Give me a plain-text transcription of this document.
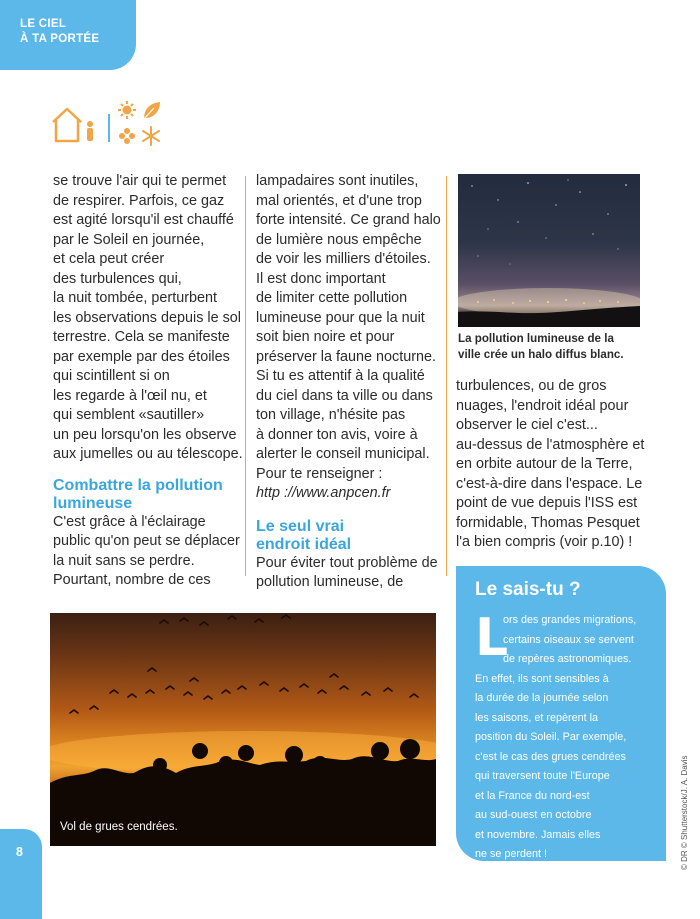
LE CIEL
À TA PORTÉE

se trouve l'air qui te permet

de respirer. Parfois, ce gaz

est agité lorsqu'il est chauffé

par le Soleil en journée,

et cela peut créer

des turbulences qui,

la nuit tombée, perturbent

les observations depuis le sol

terrestre. Cela se manifeste

par exemple par des étoiles

qui scintillent si on

les regarde à l'œil nu, et

qui semblent «sautiller»

un peu lorsqu'on les observe

aux jumelles ou au télescope.

Combattre la pollution

lumineuse

C'est grâce à l'éclairage

public qu'on peut se déplacer

la nuit sans se perdre.

Pourtant, nombre de ces

lampadaires sont inutiles,

mal orientés, et d'une trop

forte intensité. Ce grand halo

de lumière nous empêche

de voir les milliers d'étoiles.

Il est donc important

de limiter cette pollution

lumineuse pour que la nuit

soit bien noire et pour

préserver la faune nocturne.

Si tu es attentif à la qualité

du ciel dans ta ville ou dans

ton village, n'hésite pas

à donner ton avis, voire à

alerter le conseil municipal.

Pour te renseigner :

http ://www.anpcen.fr

Le seul vrai

endroit idéal

Pour éviter tout problème de

pollution lumineuse, de

La pollution lumineuse de la
ville crée un halo diffus blanc.

turbulences, ou de gros

nuages, l'endroit idéal pour

observer le ciel c'est...

au-dessus de l'atmosphère et

en orbite autour de la Terre,

c'est-à-dire dans l'espace. Le

point de vue depuis l'ISS est

formidable, Thomas Pesquet

l'a bien compris (voir p.10) !

Vol de grues cendrées.
8
Le sais-tu ?
L

ors des grandes migrations,

certains oiseaux se servent

de repères astronomiques.

En effet, ils sont sensibles à

la durée de la journée selon

les saisons, et repèrent la

position du Soleil. Par exemple,

c'est le cas des grues cendrées

qui traversent toute l'Europe

et la France du nord-est

au sud-ouest en octobre

et novembre. Jamais elles

ne se perdent !	© DR © Shutterstock/J. A. Davis
